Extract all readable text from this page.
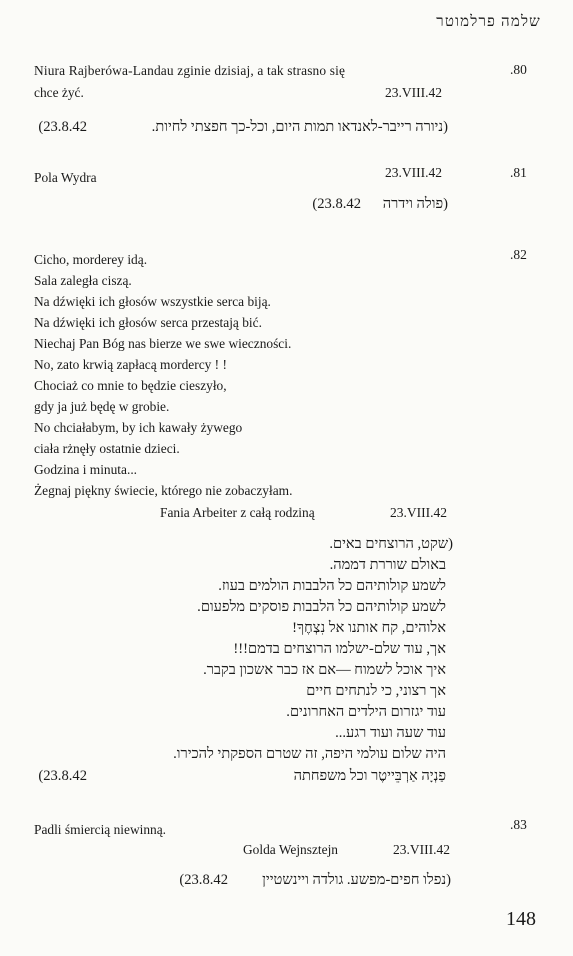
שלמה פרלמוטר
.80
Niura Rajberówa-Landau zginie dzisiaj, a tak strasno się
chce żyć.	23.VIII.42
(ניורה רייבר-לאנדאו תמות היום, וכל-כך חפצתי לחיות.
(23.8.42
.81
Pola Wydra	23.VIII.42
(פולה וידרה
(23.8.42
.82
Cicho, morderey idą.
Sala zaległa ciszą.
Na dźwięki ich głosów wszystkie serca biją.
Na dźwięki ich głosów serca przestają bić.
Niechaj Pan Bóg nas bierze we swe wieczności.
No, zato krwią zapłacą mordercy ! !
Chociaż co mnie to będzie cieszyło,
gdy ja już będę w grobie.
No chciałabym, by ich kawały żywego
ciała rżnęły ostatnie dzieci.
Godzina i minuta...
Żegnaj piękny świecie, którego nie zobaczyłam.
Fania Arbeiter z całą rodziną	23.VIII.42
(שקט, הרוצחים באים.
באולם שוררת דממה.
לשמע קולותיהם כל הלבבות הולמים בעוז.
לשמע קולותיהם כל הלבבות פוסקים מלפעום.
אלוהים, קח אותנו אל נִצְחֶךָ!
אך, עוד שלם-ישלמו הרוצחים בדמם!!!
איך אוכל לשמוח —אם אז כבר אשכון בקבר.
אך רצוני, כי לנתחים חיים
עוד יגזרום הילדים האחרונים.
עוד שעה ועוד רגע...
היה שלום עולמי היפה, זה שטרם הספקתי להכירו.
פַנְיָה אַרְבֵּייטֶר וכל משפחתה
(23.8.42
.83
Padli śmiercią niewinną.
Golda Wejnsztejn	23.VIII.42
(נפלו חפים-מפשע. גולדה ויינשטיין
(23.8.42
148
